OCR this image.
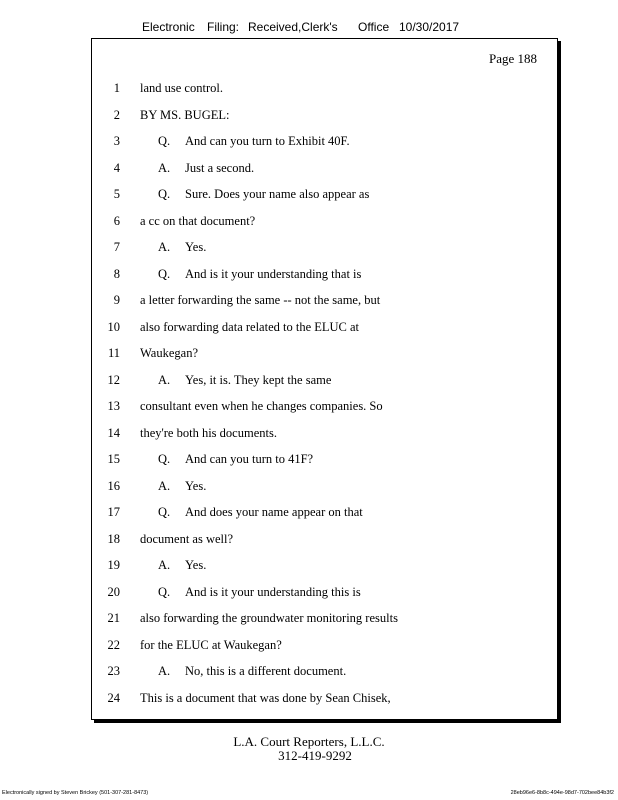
Electronic Filing: Received,Clerk's Office 10/30/2017
Page 188
1 land use control.
2 BY MS. BUGEL:
3	Q. And can you turn to Exhibit 40F.
4	A. Just a second.
5	Q. Sure. Does your name also appear as
6 a cc on that document?
7	A. Yes.
8	Q. And is it your understanding that is
9 a letter forwarding the same -- not the same, but
10 also forwarding data related to the ELUC at
11 Waukegan?
12	A. Yes, it is. They kept the same
13 consultant even when he changes companies. So
14 they're both his documents.
15	Q. And can you turn to 41F?
16	A. Yes.
17	Q. And does your name appear on that
18 document as well?
19	A. Yes.
20	Q. And is it your understanding this is
21 also forwarding the groundwater monitoring results
22 for the ELUC at Waukegan?
23	A. No, this is a different document.
24 This is a document that was done by Sean Chisek,
L.A. Court Reporters, L.L.C.
312-419-9292
Electronically signed by Steven Brickey (501-307-281-8473)	28eb96e6-8b8c-494e-98d7-702bee84b3f2
